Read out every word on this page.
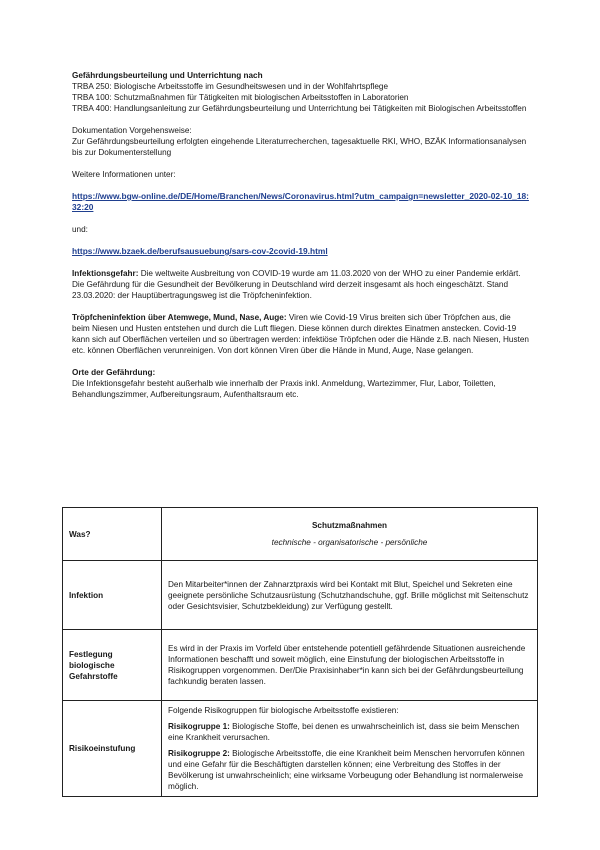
Gefährdungsbeurteilung und Unterrichtung nach

TRBA 250: Biologische Arbeitsstoffe im Gesundheitswesen und in der Wohlfahrtspflege

TRBA 100: Schutzmaßnahmen für Tätigkeiten mit biologischen Arbeitsstoffen in Laboratorien

TRBA 400: Handlungsanleitung zur Gefährdungsbeurteilung und Unterrichtung bei Tätigkeiten mit Biologischen Arbeitsstoffen

Dokumentation Vorgehensweise:

Zur Gefährdungsbeurteilung erfolgten eingehende Literaturrecherchen, tagesaktuelle RKI, WHO, BZÄK Informationsanalysen bis zur Dokumenterstellung

Weitere Informationen unter:

https://www.bgw-online.de/DE/Home/Branchen/News/Coronavirus.html?utm_campaign=newsletter_2020-02-10_18:32:20

und:

https://www.bzaek.de/berufsausuebung/sars-cov-2covid-19.html

Infektionsgefahr: Die weltweite Ausbreitung von COVID-19 wurde am 11.03.2020 von der WHO zu einer Pandemie erklärt. Die Gefährdung für die Gesundheit der Bevölkerung in Deutschland wird derzeit insgesamt als hoch eingeschätzt. Stand 23.03.2020: der Hauptübertragungsweg ist die Tröpfcheninfektion.

Tröpfcheninfektion über Atemwege, Mund, Nase, Auge: Viren wie Covid-19 Virus breiten sich über Tröpfchen aus, die beim Niesen und Husten entstehen und durch die Luft fliegen. Diese können durch direktes Einatmen anstecken. Covid-19 kann sich auf Oberflächen verteilen und so übertragen werden: infektiöse Tröpfchen oder die Hände z.B. nach Niesen, Husten etc. können Oberflächen verunreinigen. Von dort können Viren über die Hände in Mund, Auge, Nase gelangen.

Orte der Gefährdung:

Die Infektionsgefahr besteht außerhalb wie innerhalb der Praxis inkl. Anmeldung, Wartezimmer, Flur, Labor, Toiletten, Behandlungszimmer, Aufbereitungsraum, Aufenthaltsraum etc.

Was?	Schutzmaßnahmen
technische - organisatorische - persönliche

Infektion	Den Mitarbeiter*innen der Zahnarztpraxis wird bei Kontakt mit Blut, Speichel und Sekreten eine geeignete persönliche Schutzausrüstung (Schutzhandschuhe, ggf. Brille möglichst mit Seitenschutz oder Gesichtsvisier, Schutzbekleidung) zur Verfügung gestellt.
Festlegung biologische Gefahrstoffe	Es wird in der Praxis im Vorfeld über entstehende potentiell gefährdende Situationen ausreichende Informationen beschafft und soweit möglich, eine Einstufung der biologischen Arbeitsstoffe in Risikogruppen vorgenommen. Der/Die Praxisinhaber*in kann sich bei der Gefährdungsbeurteilung fachkundig beraten lassen.
Risikoeinstufung	Folgende Risikogruppen für biologische Arbeitsstoffe existieren:

Risikogruppe 1: Biologische Stoffe, bei denen es unwahrscheinlich ist, dass sie beim Menschen eine Krankheit verursachen.

Risikogruppe 2: Biologische Arbeitsstoffe, die eine Krankheit beim Menschen hervorrufen können und eine Gefahr für die Beschäftigten darstellen können; eine Verbreitung des Stoffes in der Bevölkerung ist unwahrscheinlich; eine wirksame Vorbeugung oder Behandlung ist normalerweise möglich.
